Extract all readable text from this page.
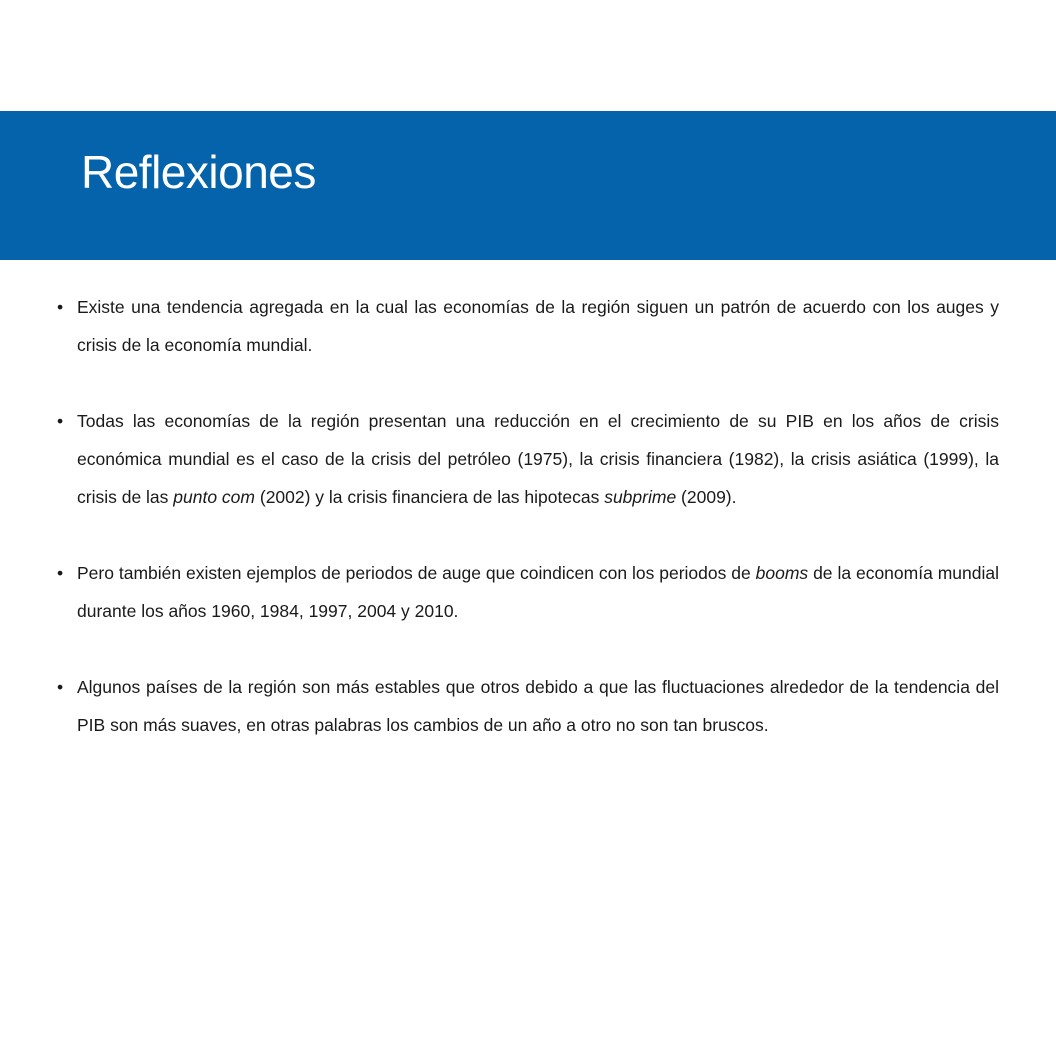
Reflexiones
• Existe una tendencia agregada en la cual las economías de la región siguen un patrón de acuerdo con los auges y crisis de la economía mundial.
• Todas las economías de la región presentan una reducción en el crecimiento de su PIB en los años de crisis económica mundial es el caso de la crisis del petróleo (1975), la crisis financiera (1982), la crisis asiática (1999), la crisis de las punto com (2002) y la crisis financiera de las hipotecas subprime (2009).
• Pero también existen ejemplos de periodos de auge que coindicen con los periodos de booms de la economía mundial durante los años 1960, 1984, 1997, 2004 y 2010.
• Algunos países de la región son más estables que otros debido a que las fluctuaciones alrededor de la tendencia del PIB son más suaves, en otras palabras los cambios de un año a otro no son tan bruscos.
